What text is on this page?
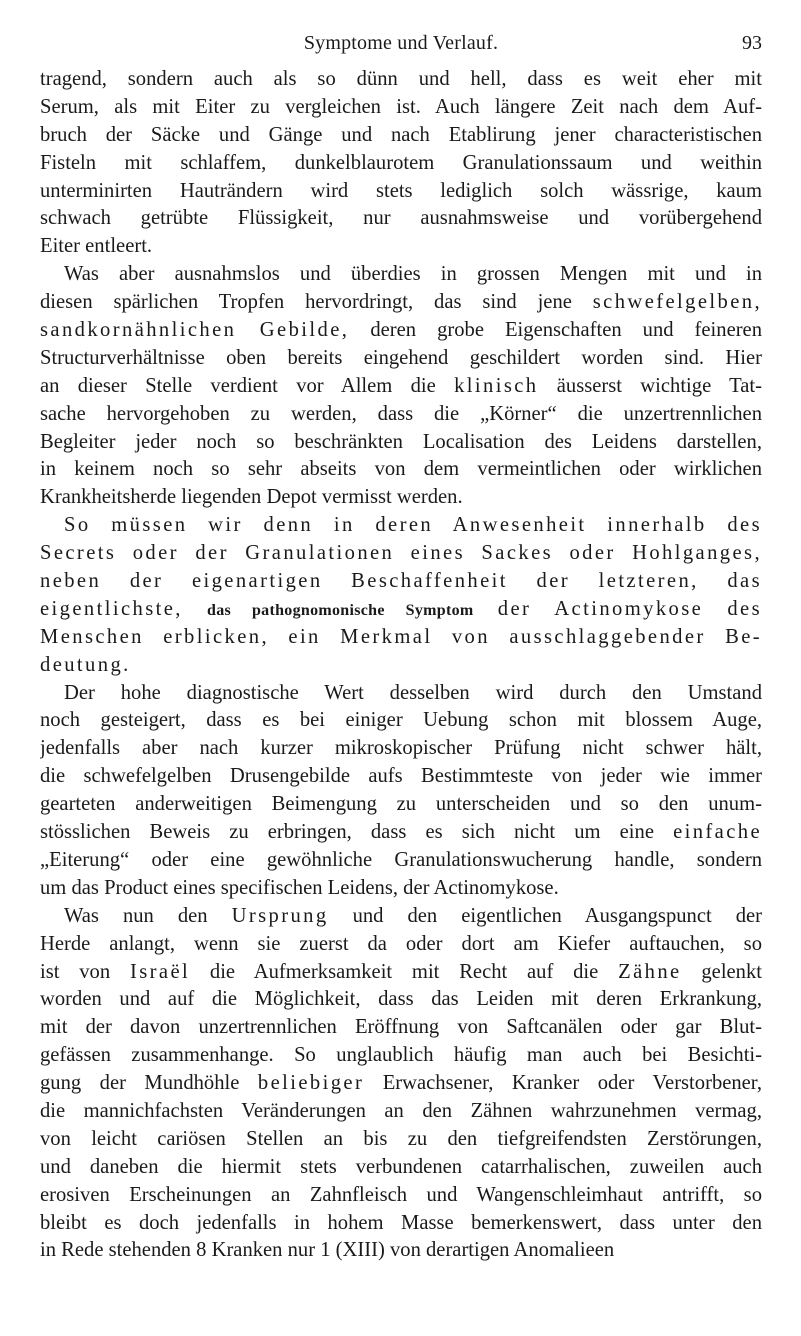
Symptome und Verlauf.	93
tragend, sondern auch als so dünn und hell, dass es weit eher mit
Serum, als mit Eiter zu vergleichen ist. Auch längere Zeit nach dem Auf-
bruch der Säcke und Gänge und nach Etablirung jener characteristischen
Fisteln mit schlaffem, dunkelblaurotem Granulationssaum und weithin
unterminirten Hauträndern wird stets lediglich solch wässrige, kaum
schwach getrübte Flüssigkeit, nur ausnahmsweise und vorübergehend
Eiter entleert.
Was aber ausnahmslos und überdies in grossen Mengen mit und in
diesen spärlichen Tropfen hervordringt, das sind jene schwefelgelben,
sandkornähnlichen Gebilde, deren grobe Eigenschaften und feineren
Structurverhältnisse oben bereits eingehend geschildert worden sind. Hier
an dieser Stelle verdient vor Allem die klinisch äusserst wichtige Tat-
sache hervorgehoben zu werden, dass die „Körner“ die unzertrennlichen
Begleiter jeder noch so beschränkten Localisation des Leidens darstellen,
in keinem noch so sehr abseits von dem vermeintlichen oder wirklichen
Krankheitsherde liegenden Depot vermisst werden.
So müssen wir denn in deren Anwesenheit innerhalb des
Secrets oder der Granulationen eines Sackes oder Hohlganges,
neben der eigenartigen Beschaffenheit der letzteren, das
eigentlichste, das pathognomonische Symptom der Actinomykose des
Menschen erblicken, ein Merkmal von ausschlaggebender Be-
deutung.
Der hohe diagnostische Wert desselben wird durch den Umstand
noch gesteigert, dass es bei einiger Uebung schon mit blossem Auge,
jedenfalls aber nach kurzer mikroskopischer Prüfung nicht schwer hält,
die schwefelgelben Drusengebilde aufs Bestimmteste von jeder wie immer
gearteten anderweitigen Beimengung zu unterscheiden und so den unum-
stösslichen Beweis zu erbringen, dass es sich nicht um eine einfache
„Eiterung“ oder eine gewöhnliche Granulationswucherung handle, sondern
um das Product eines specifischen Leidens, der Actinomykose.
Was nun den Ursprung und den eigentlichen Ausgangspunct der
Herde anlangt, wenn sie zuerst da oder dort am Kiefer auftauchen, so
ist von Israël die Aufmerksamkeit mit Recht auf die Zähne gelenkt
worden und auf die Möglichkeit, dass das Leiden mit deren Erkrankung,
mit der davon unzertrennlichen Eröffnung von Saftcanälen oder gar Blut-
gefässen zusammenhange. So unglaublich häufig man auch bei Besichti-
gung der Mundhöhle beliebiger Erwachsener, Kranker oder Verstorbener,
die mannichfachsten Veränderungen an den Zähnen wahrzunehmen vermag,
von leicht cariösen Stellen an bis zu den tiefgreifendsten Zerstörungen,
und daneben die hiermit stets verbundenen catarrhalischen, zuweilen auch
erosiven Erscheinungen an Zahnfleisch und Wangenschleimhaut antrifft, so
bleibt es doch jedenfalls in hohem Masse bemerkenswert, dass unter den
in Rede stehenden 8 Kranken nur 1 (XIII) von derartigen Anomalieen
